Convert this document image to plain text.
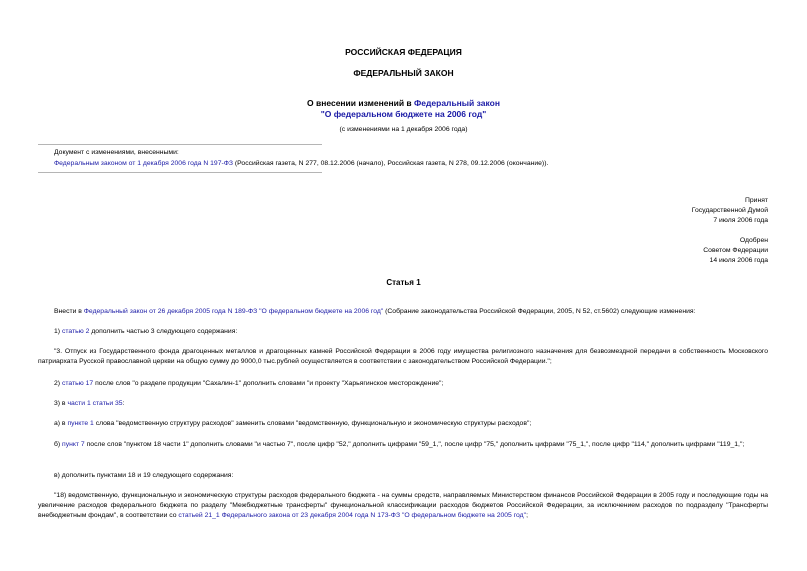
РОССИЙСКАЯ ФЕДЕРАЦИЯ
ФЕДЕРАЛЬНЫЙ ЗАКОН
О внесении изменений в Федеральный закон
"О федеральном бюджете на 2006 год"
(с изменениями на 1 декабря 2006 года)
Документ с изменениями, внесенными:
Федеральным законом от 1 декабря 2006 года N 197-ФЗ (Российская газета, N 277, 08.12.2006 (начало), Российская газета, N 278, 09.12.2006 (окончание)).
Принят
Государственной Думой
7 июля 2006 года
Одобрен
Советом Федерации
14 июля 2006 года
Статья 1
Внести в Федеральный закон от 26 декабря 2005 года N 189-ФЗ "О федеральном бюджете на 2006 год" (Собрание законодательства Российской Федерации, 2005, N 52, ст.5602) следующие изменения:
1) статью 2 дополнить частью 3 следующего содержания:
"3. Отпуск из Государственного фонда драгоценных металлов и драгоценных камней Российской Федерации в 2006 году имущества религиозного назначения для безвозмездной передачи в собственность Московского патриархата Русской православной церкви на общую сумму до 9000,0 тыс.рублей осуществляется в соответствии с законодательством Российской Федерации.";
2) статью 17 после слов "о разделе продукции "Сахалин-1" дополнить словами "и проекту "Харьягинское месторождение";
3) в части 1 статьи 35:
а) в пункте 1 слова "ведомственную структуру расходов" заменить словами "ведомственную, функциональную и экономическую структуры расходов";
б) пункт 7 после слов "пунктом 18 части 1" дополнить словами "и частью 7", после цифр "52," дополнить цифрами "59_1,", после цифр "75," дополнить цифрами "75_1,", после цифр "114," дополнить цифрами "119_1,";
в) дополнить пунктами 18 и 19 следующего содержания:
"18) ведомственную, функциональную и экономическую структуры расходов федерального бюджета - на суммы средств, направляемых Министерством финансов Российской Федерации в 2005 году и последующие годы на увеличение расходов федерального бюджета по разделу "Межбюджетные трансферты" функциональной классификации расходов бюджетов Российской Федерации, за исключением расходов по подразделу "Трансферты внебюджетным фондам", в соответствии со статьей 21_1 Федерального закона от 23 декабря 2004 года N 173-ФЗ "О федеральном бюджете на 2005 год";
